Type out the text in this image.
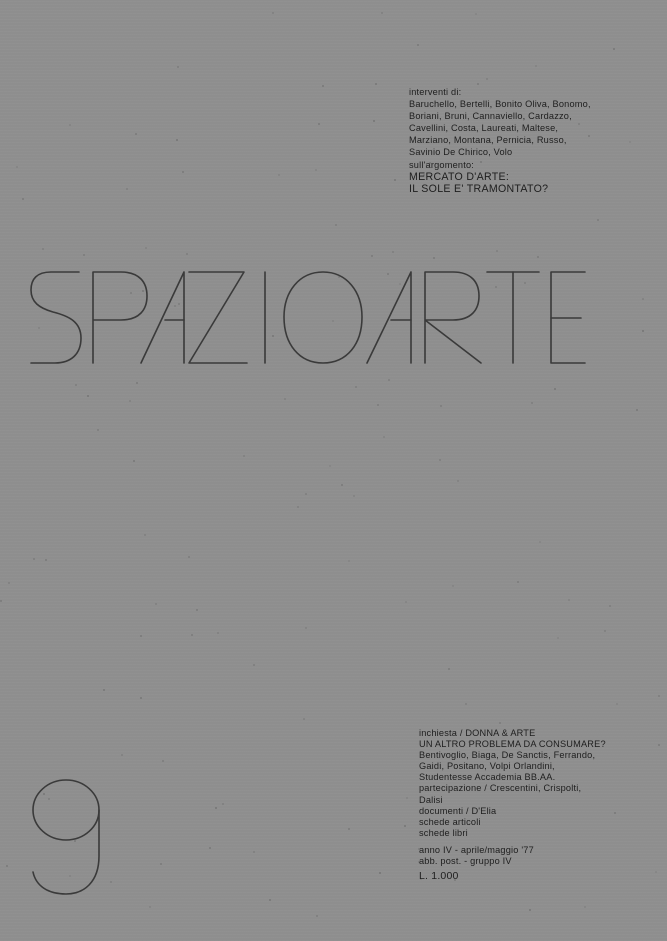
interventi di:
Baruchello, Bertelli, Bonito Oliva, Bonomo,
Boriani, Bruni, Cannaviello, Cardazzo,
Cavellini, Costa, Laureati, Maltese,
Marziano, Montana, Pernicia, Russo,
Savinio De Chirico, Volo
sull'argomento:
MERCATO D'ARTE:
IL SOLE E' TRAMONTATO?
inchiesta / DONNA & ARTE
UN ALTRO PROBLEMA DA CONSUMARE?
Bentivoglio, Biaga, De Sanctis, Ferrando,
Gaidi, Positano, Volpi Orlandini,
Studentesse Accademia BB.AA.
partecipazione / Crescentini, Crispolti,
Dalisi
documenti / D'Elia
schede articoli
schede libri
anno IV - aprile/maggio '77
abb. post. - gruppo IV
L. 1.000
